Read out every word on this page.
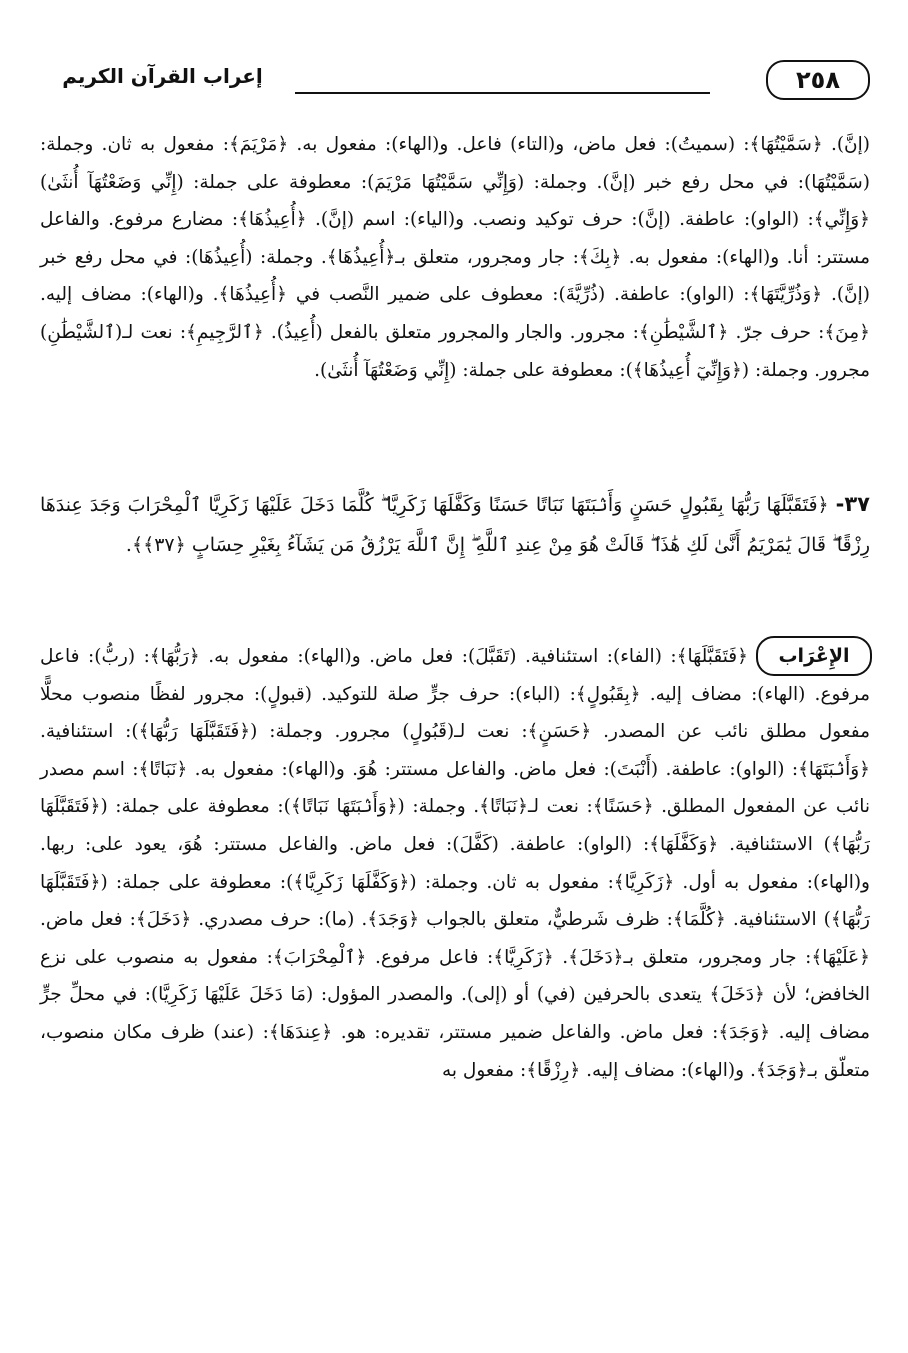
٢٥٨
إعراب القرآن الكريم
(إنَّ). ﴿سَمَّيْتُهَا﴾: (سميتُ): فعل ماض، و(التاء) فاعل. و(الهاء): مفعول به. ﴿مَرْيَمَ﴾: مفعول به ثان. وجملة: (سَمَّيْتُهَا): في محل رفع خبر (إنَّ). وجملة: (وَإِنِّي سَمَّيْتُهَا مَرْيَمَ): معطوفة على جملة: (إِنِّي وَضَعْتُهَآ أُنثَىٰ) ﴿وَإِنِّي﴾: (الواو): عاطفة. (إنَّ): حرف توكيد ونصب. و(الياء): اسم (إنَّ). ﴿أُعِيذُهَا﴾: مضارع مرفوع. والفاعل مستتر: أنا. و(الهاء): مفعول به. ﴿بِكَ﴾: جار ومجرور، متعلق بـ﴿أُعِيذُهَا﴾. وجملة: (أُعِيذُهَا): في محل رفع خبر (إنَّ). ﴿وَذُرِّيَّتَهَا﴾: (الواو): عاطفة. (ذُرِّيَّةَ): معطوف على ضمير النَّصب في ﴿أُعِيذُهَا﴾. و(الهاء): مضاف إليه. ﴿مِنَ﴾: حرف جرّ. ﴿ٱلشَّيْطَٰنِ﴾: مجرور. والجار والمجرور متعلق بالفعل (أُعِيذُ). ﴿ٱلرَّجِيمِ﴾: نعت لـ(ٱلشَّيْطَٰنِ) مجرور. وجملة: (﴿وَإِنِّيٓ أُعِيذُهَا﴾): معطوفة على جملة: (إِنِّي وَضَعْتُهَآ أُنثَىٰ).
٣٧- ﴿فَتَقَبَّلَهَا رَبُّهَا بِقَبُولٍ حَسَنٍ وَأَنۢبَتَهَا نَبَاتًا حَسَنًا وَكَفَّلَهَا زَكَرِيَّا ۖ كُلَّمَا دَخَلَ عَلَيْهَا زَكَرِيَّا ٱلْمِحْرَابَ وَجَدَ عِندَهَا رِزْقًا ۖ قَالَ يَٰمَرْيَمُ أَنَّىٰ لَكِ هَٰذَا ۖ قَالَتْ هُوَ مِنْ عِندِ ٱللَّهِ ۖ إِنَّ ٱللَّهَ يَرْزُقُ مَن يَشَآءُ بِغَيْرِ حِسَابٍ ﴿٣٧﴾﴾.
الإِعْرَاب
﴿فَتَقَبَّلَهَا﴾: (الفاء): استئنافية. (تَقَبَّلَ): فعل ماض. و(الهاء): مفعول به. ﴿رَبُّهَا﴾: (ربُّ): فاعل مرفوع. (الهاء): مضاف إليه. ﴿بِقَبُولٍ﴾: (الباء): حرف جرٍّ صلة للتوكيد. (قبولٍ): مجرور لفظًا منصوب محلًّا مفعول مطلق نائب عن المصدر. ﴿حَسَنٍ﴾: نعت لـ(قَبُولٍ) مجرور. وجملة: (﴿فَتَقَبَّلَهَا رَبُّهَا﴾): استئنافية. ﴿وَأَنۢبَتَهَا﴾: (الواو): عاطفة. (أَنْبَتَ): فعل ماض. والفاعل مستتر: هُوَ. و(الهاء): مفعول به. ﴿نَبَاتًا﴾: اسم مصدر نائب عن المفعول المطلق. ﴿حَسَنًا﴾: نعت لـ﴿نَبَاتًا﴾. وجملة: (﴿وَأَنۢبَتَهَا نَبَاتًا﴾): معطوفة على جملة: (﴿فَتَقَبَّلَهَا رَبُّهَا﴾) الاستئنافية. ﴿وَكَفَّلَهَا﴾: (الواو): عاطفة. (كَفَّلَ): فعل ماض. والفاعل مستتر: هُوَ، يعود على: ربها. و(الهاء): مفعول به أول. ﴿زَكَرِيَّا﴾: مفعول به ثان. وجملة: (﴿وَكَفَّلَهَا زَكَرِيَّا﴾): معطوفة على جملة: (﴿فَتَقَبَّلَهَا رَبُّهَا﴾) الاستئنافية. ﴿كُلَّمَا﴾: ظرف شَرطيٌّ، متعلق بالجواب ﴿وَجَدَ﴾. (ما): حرف مصدري. ﴿دَخَلَ﴾: فعل ماض. ﴿عَلَيْهَا﴾: جار ومجرور، متعلق بـ﴿دَخَلَ﴾. ﴿زَكَرِيَّا﴾: فاعل مرفوع. ﴿ٱلْمِحْرَابَ﴾: مفعول به منصوب على نزع الخافض؛ لأن ﴿دَخَلَ﴾ يتعدى بالحرفين (في) أو (إلى). والمصدر المؤول: (مَا دَخَلَ عَلَيْهَا زَكَرِيَّا): في محلِّ جرٍّ مضاف إليه. ﴿وَجَدَ﴾: فعل ماض. والفاعل ضمير مستتر، تقديره: هو. ﴿عِندَهَا﴾: (عند) ظرف مكان منصوب، متعلّق بـ﴿وَجَدَ﴾. و(الهاء): مضاف إليه. ﴿رِزْقًا﴾: مفعول به
